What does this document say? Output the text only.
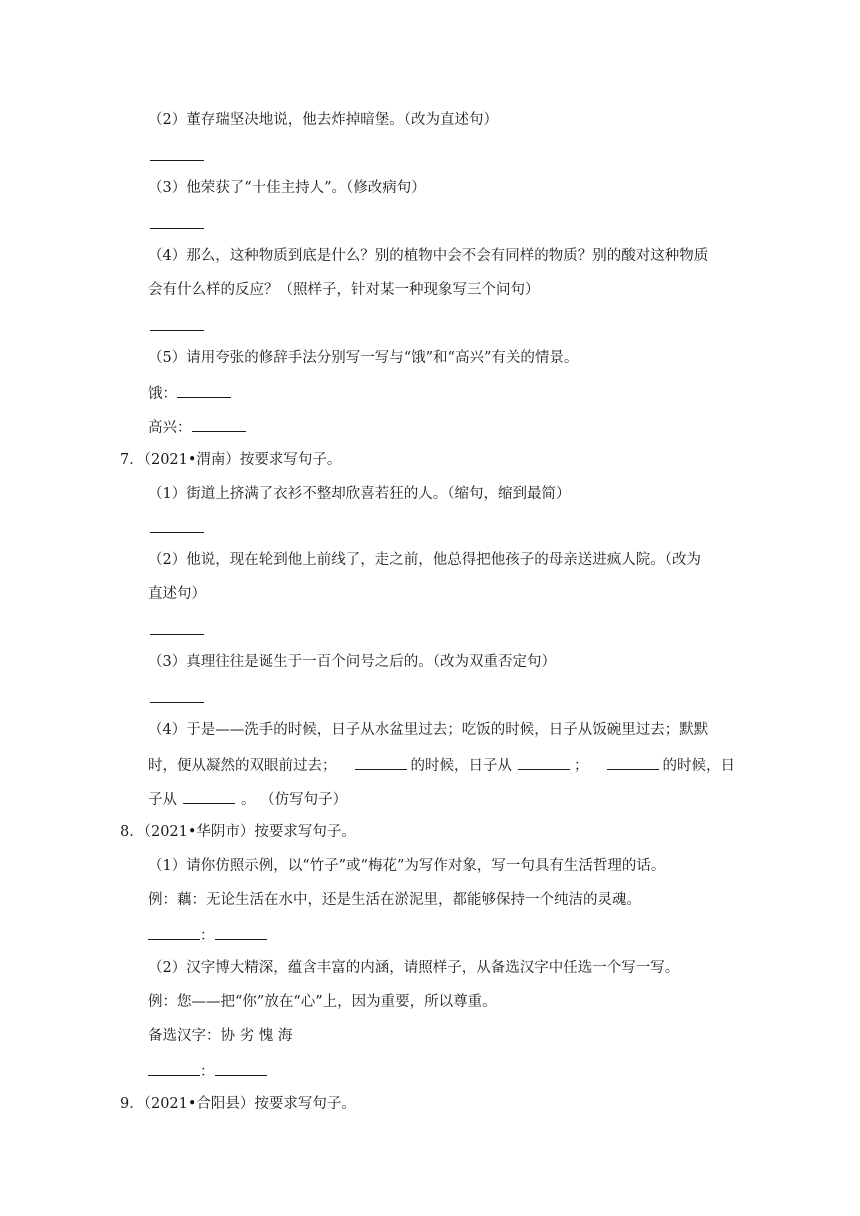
（2）董存瑞坚决地说，他去炸掉暗堡。（改为直述句）
（3）他荣获了“十佳主持人”。（修改病句）
（4）那么，这种物质到底是什么？别的植物中会不会有同样的物质？别的酸对这种物质
会有什么样的反应？（照样子，针对某一种现象写三个问句）
（5）请用夸张的修辞手法分别写一写与“饿”和“高兴”有关的情景。
饿：
高兴：
7．（2021•渭南）按要求写句子。
（1）街道上挤满了衣衫不整却欣喜若狂的人。（缩句，缩到最简）
（2）他说，现在轮到他上前线了，走之前，他总得把他孩子的母亲送进疯人院。（改为
直述句）
（3）真理往往是诞生于一百个问号之后的。（改为双重否定句）
（4）于是——洗手的时候，日子从水盆里过去；吃饭的时候，日子从饭碗里过去；默默
时，便从凝然的双眼前过去；	的时候，日子从	；	的时候，日
子从	。 （仿写句子）
8．（2021•华阴市）按要求写句子。
（1）请你仿照示例，以“竹子”或“梅花”为写作对象，写一句具有生活哲理的话。
例：藕：无论生活在水中，还是生活在淤泥里，都能够保持一个纯洁的灵魂。
：
（2）汉字博大精深，蕴含丰富的内涵，请照样子，从备选汉字中任选一个写一写。
例：您——把“你”放在“心”上，因为重要，所以尊重。
备选汉字：协 劣 愧 海
：
9．（2021•合阳县）按要求写句子。
